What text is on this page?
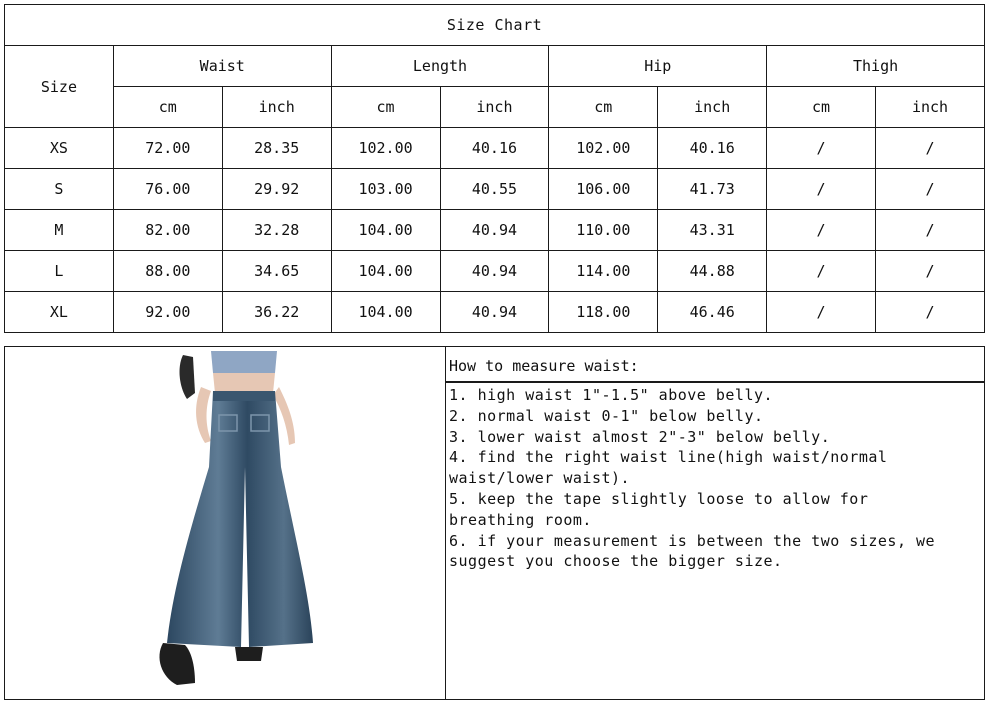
Size Chart								
Size	Waist		Length		Hip		Thigh	
	cm	inch	cm	inch	cm	inch	cm	inch
XS	72.00	28.35	102.00	40.16	102.00	40.16	/	/
S	76.00	29.92	103.00	40.55	106.00	41.73	/	/
M	82.00	32.28	104.00	40.94	110.00	43.31	/	/
L	88.00	34.65	104.00	40.94	114.00	44.88	/	/
XL	92.00	36.22	104.00	40.94	118.00	46.46	/	/
How to measure waist:
1. high waist 1"-1.5" above belly.
2. normal waist 0-1" below belly.
3. lower waist almost 2"-3" below belly.
4. find the right waist line(high waist/normal waist/lower waist).
5. keep the tape slightly loose to allow for breathing room.
6. if your measurement is between the two sizes, we suggest you choose the bigger size.
